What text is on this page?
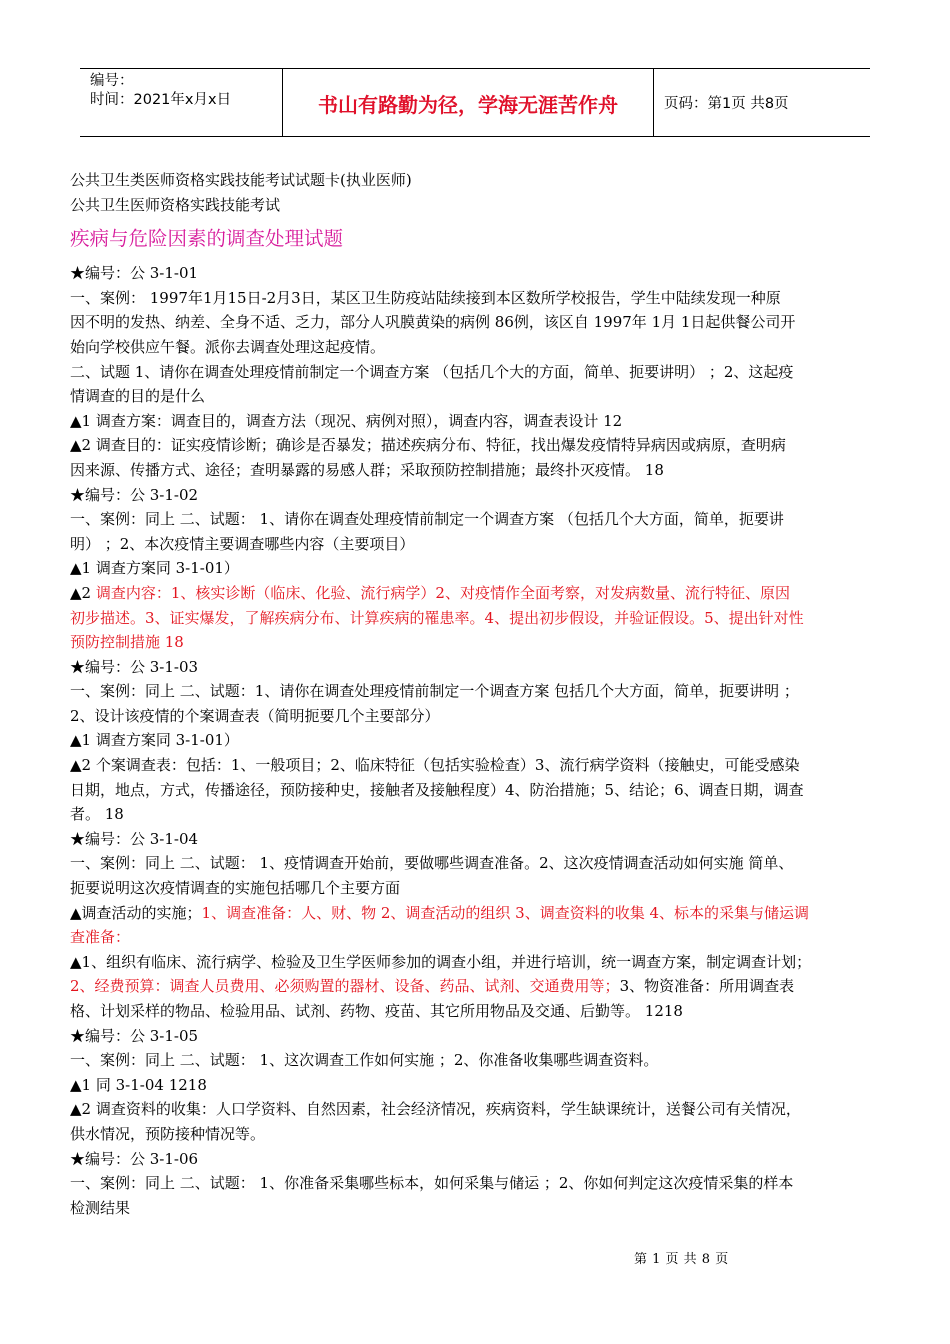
编号：
时间：2021年x月x日	书山有路勤为径，学海无涯苦作舟	页码：第1页 共8页

公共卫生类医师资格实践技能考试试题卡(执业医师)

公共卫生医师资格实践技能考试

疾病与危险因素的调查处理试题

★编号：公 3-1-01

一、案例： 1997年1月15日-2月3日，某区卫生防疫站陆续接到本区数所学校报告，学生中陆续发现一种原

因不明的发热、纳差、全身不适、乏力，部分人巩膜黄染的病例 86例，该区自 1997年 1月 1日起供餐公司开

始向学校供应午餐。派你去调查处理这起疫情。

二、试题 1、请你在调查处理疫情前制定一个调查方案 （包括几个大的方面，简单、扼要讲明） ；2、这起疫

情调查的目的是什么

▲1 调查方案：调查目的，调查方法（现况、病例对照），调查内容，调查表设计 12

▲2 调查目的：证实疫情诊断；确诊是否暴发；描述疾病分布、特征，找出爆发疫情特异病因或病原，查明病

因来源、传播方式、途径；查明暴露的易感人群；采取预防控制措施；最终扑灭疫情。 18

★编号：公 3-1-02

一、案例：同上 二、试题： 1、请你在调查处理疫情前制定一个调查方案 （包括几个大方面，简单，扼要讲

明） ；2、本次疫情主要调查哪些内容（主要项目）

▲1 调查方案同 3-1-01）

▲2 调查内容：1、核实诊断（临床、化验、流行病学）2、对疫情作全面考察，对发病数量、流行特征、原因

初步描述。3、证实爆发，了解疾病分布、计算疾病的罹患率。4、提出初步假设，并验证假设。5、提出针对性

预防控制措施 18

★编号：公 3-1-03

一、案例：同上 二、试题：1、请你在调查处理疫情前制定一个调查方案 包括几个大方面，简单，扼要讲明 ；

2、设计该疫情的个案调查表（简明扼要几个主要部分）

▲1 调查方案同 3-1-01）

▲2 个案调查表：包括：1、一般项目；2、临床特征（包括实验检查）3、流行病学资料（接触史，可能受感染

日期，地点，方式，传播途径，预防接种史，接触者及接触程度）4、防治措施；5、结论；6、调查日期，调查

者。 18

★编号：公 3-1-04

一、案例：同上 二、试题： 1、疫情调查开始前，要做哪些调查准备。2、这次疫情调查活动如何实施 简单、

扼要说明这次疫情调查的实施包括哪几个主要方面

▲调查活动的实施；1、调查准备：人、财、物 2、调查活动的组织 3、调查资料的收集 4、标本的采集与储运调

查准备：

▲1、组织有临床、流行病学、检验及卫生学医师参加的调查小组，并进行培训，统一调查方案，制定调查计划；

2、经费预算：调查人员费用、必须购置的器材、设备、药品、试剂、交通费用等；3、物资准备：所用调查表

格、计划采样的物品、检验用品、试剂、药物、疫苗、其它所用物品及交通、后勤等。 1218

★编号：公 3-1-05

一、案例：同上 二、试题： 1、这次调查工作如何实施 ；2、你准备收集哪些调查资料。

▲1 同 3-1-04 1218

▲2 调查资料的收集：人口学资料、自然因素，社会经济情况，疾病资料，学生缺课统计，送餐公司有关情况，

供水情况，预防接种情况等。

★编号：公 3-1-06

一、案例：同上 二、试题： 1、你准备采集哪些标本，如何采集与储运 ；2、你如何判定这次疫情采集的样本

检测结果

第 1 页 共 8 页
